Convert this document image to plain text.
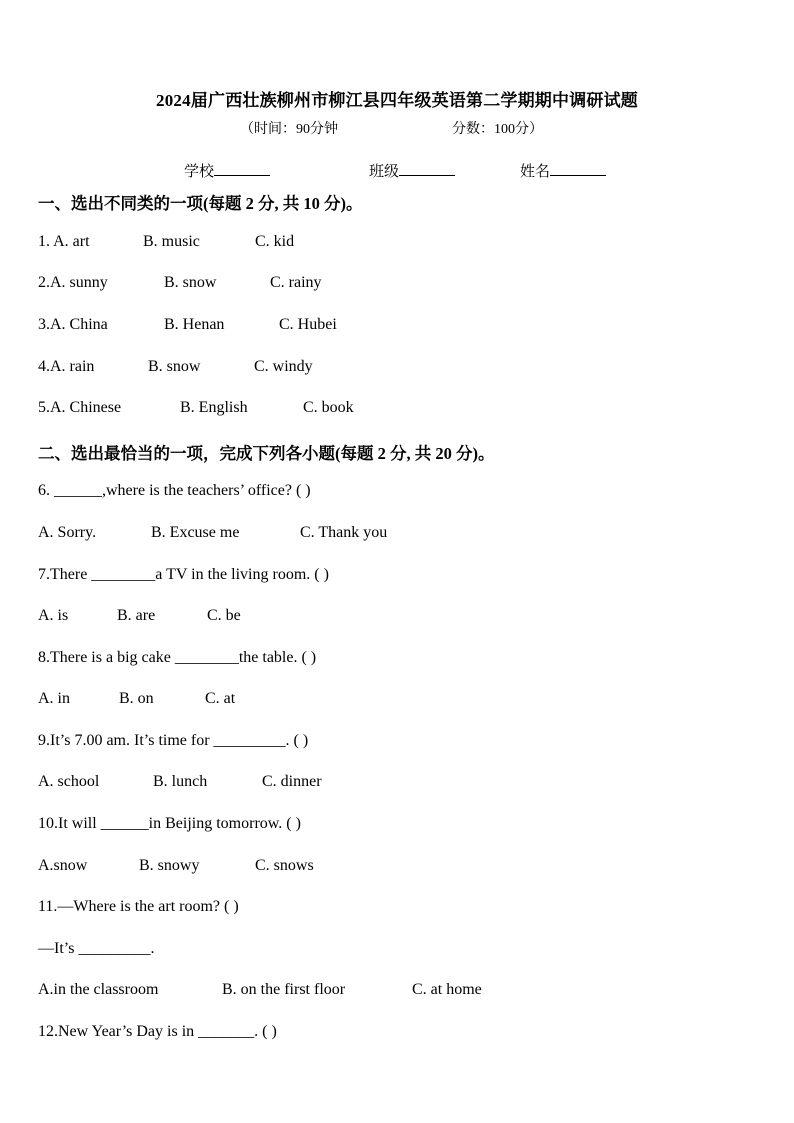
2024届广西壮族柳州市柳江县四年级英语第二学期期中调研试题
（时间：90分钟	分数：100分）
学校	班级	姓名
一、选出不同类的一项(每题 2 分, 共 10 分)。
1. A. art	B. music	C. kid
2.A. sunny	B. snow	C. rainy
3.A. China	B. Henan	C. Hubei
4.A. rain	B. snow	C. windy
5.A. Chinese	B. English	C. book
二、选出最恰当的一项，完成下列各小题(每题 2 分, 共 20 分)。
6. ______,where is the teachers’ office? ( )
A. Sorry.	B. Excuse me	C. Thank you
7.There ________a TV in the living room. ( )
A. is	B. are	C. be
8.There is a big cake ________the table. ( )
A. in	B. on	C. at
9.It’s 7.00 am. It’s time for _________. ( )
A. school	B. lunch	C. dinner
10.It will ______in Beijing tomorrow. ( )
A.snow	B. snowy	C. snows
11.—Where is the art room? ( )
—It’s _________.
A.in the classroom	B. on the first floor	C. at home
12.New Year’s Day is in _______. ( )
